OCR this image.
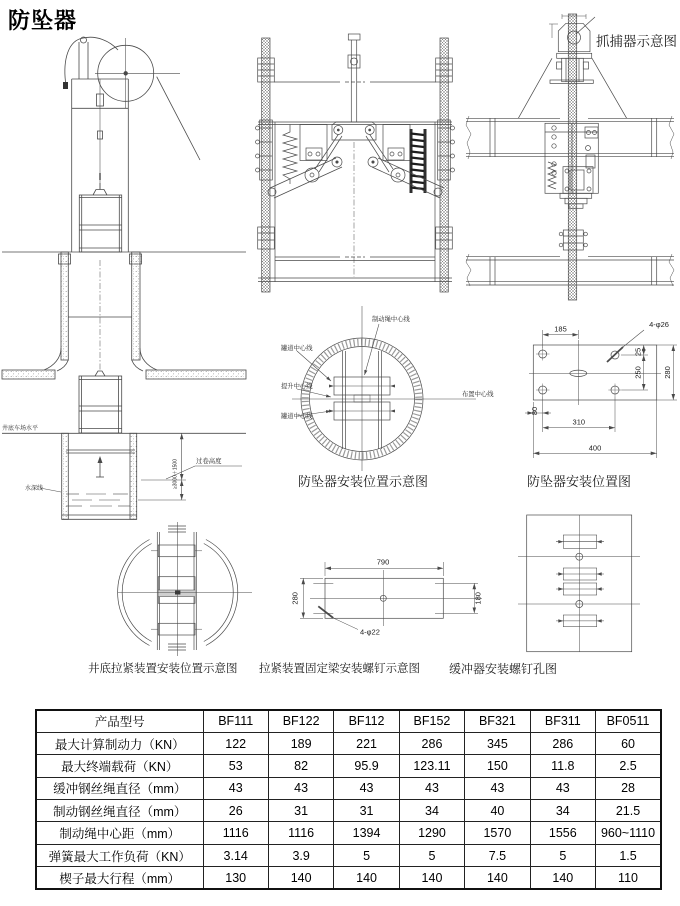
防坠器
井底车场水平
水深线
过卷高度
≥3000＋1500
制动绳中心线
罐道中心线
提升中心线
罐道中心线
布置中心线
185	4-φ26
25
250	280
80
310
400
790
280	180
4-φ22
抓捕器示意图
防坠器安装位置示意图	防坠器安装位置图
井底拉紧装置安装位置示意图 拉紧装置固定梁安装螺钉示意图 缓冲器安装螺钉孔图
产品型号	BF111	BF122	BF112	BF152	BF321	BF311	BF0511
最大计算制动力（KN）	122	189	221	286	345	286	60
最大终端载荷（KN）	53	82	95.9	123.11	150	11.8	2.5
缓冲钢丝绳直径（mm）	43	43	43	43	43	43	28
制动钢丝绳直径（mm）	26	31	31	34	40	34	21.5
制动绳中心距（mm）	1116	1116	1394	1290	1570	1556	960~1110
弹簧最大工作负荷（KN）	3.14	3.9	5	5	7.5	5	1.5
楔子最大行程（mm）	130	140	140	140	140	140	110
